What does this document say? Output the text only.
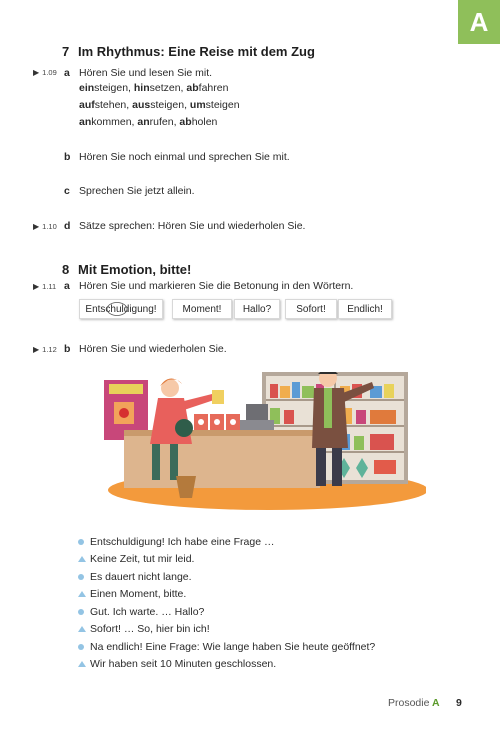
A
7 Im Rhythmus: Eine Reise mit dem Zug
▶ 1.09 a Hören Sie und lesen Sie mit.
einsteigen, hinsetzen, abfahren
aufstehen, aussteigen, umsteigen
ankommen, anrufen, abholen
b Hören Sie noch einmal und sprechen Sie mit.
c Sprechen Sie jetzt allein.
▶ 1.10 d Sätze sprechen: Hören Sie und wiederholen Sie.
8 Mit Emotion, bitte!
▶ 1.11 a Hören Sie und markieren Sie die Betonung in den Wörtern.
Entschuldigung!	Moment! Hallo?	Sofort! Endlich!
▶ 1.12 b Hören Sie und wiederholen Sie.
Entschuldigung! Ich habe eine Frage …
Keine Zeit, tut mir leid.
Es dauert nicht lange.
Einen Moment, bitte.
Gut. Ich warte. … Hallo?
Sofort! … So, hier bin ich!
Na endlich! Eine Frage: Wie lange haben Sie heute geöffnet?
Wir haben seit 10 Minuten geschlossen.
Prosodie A 9
